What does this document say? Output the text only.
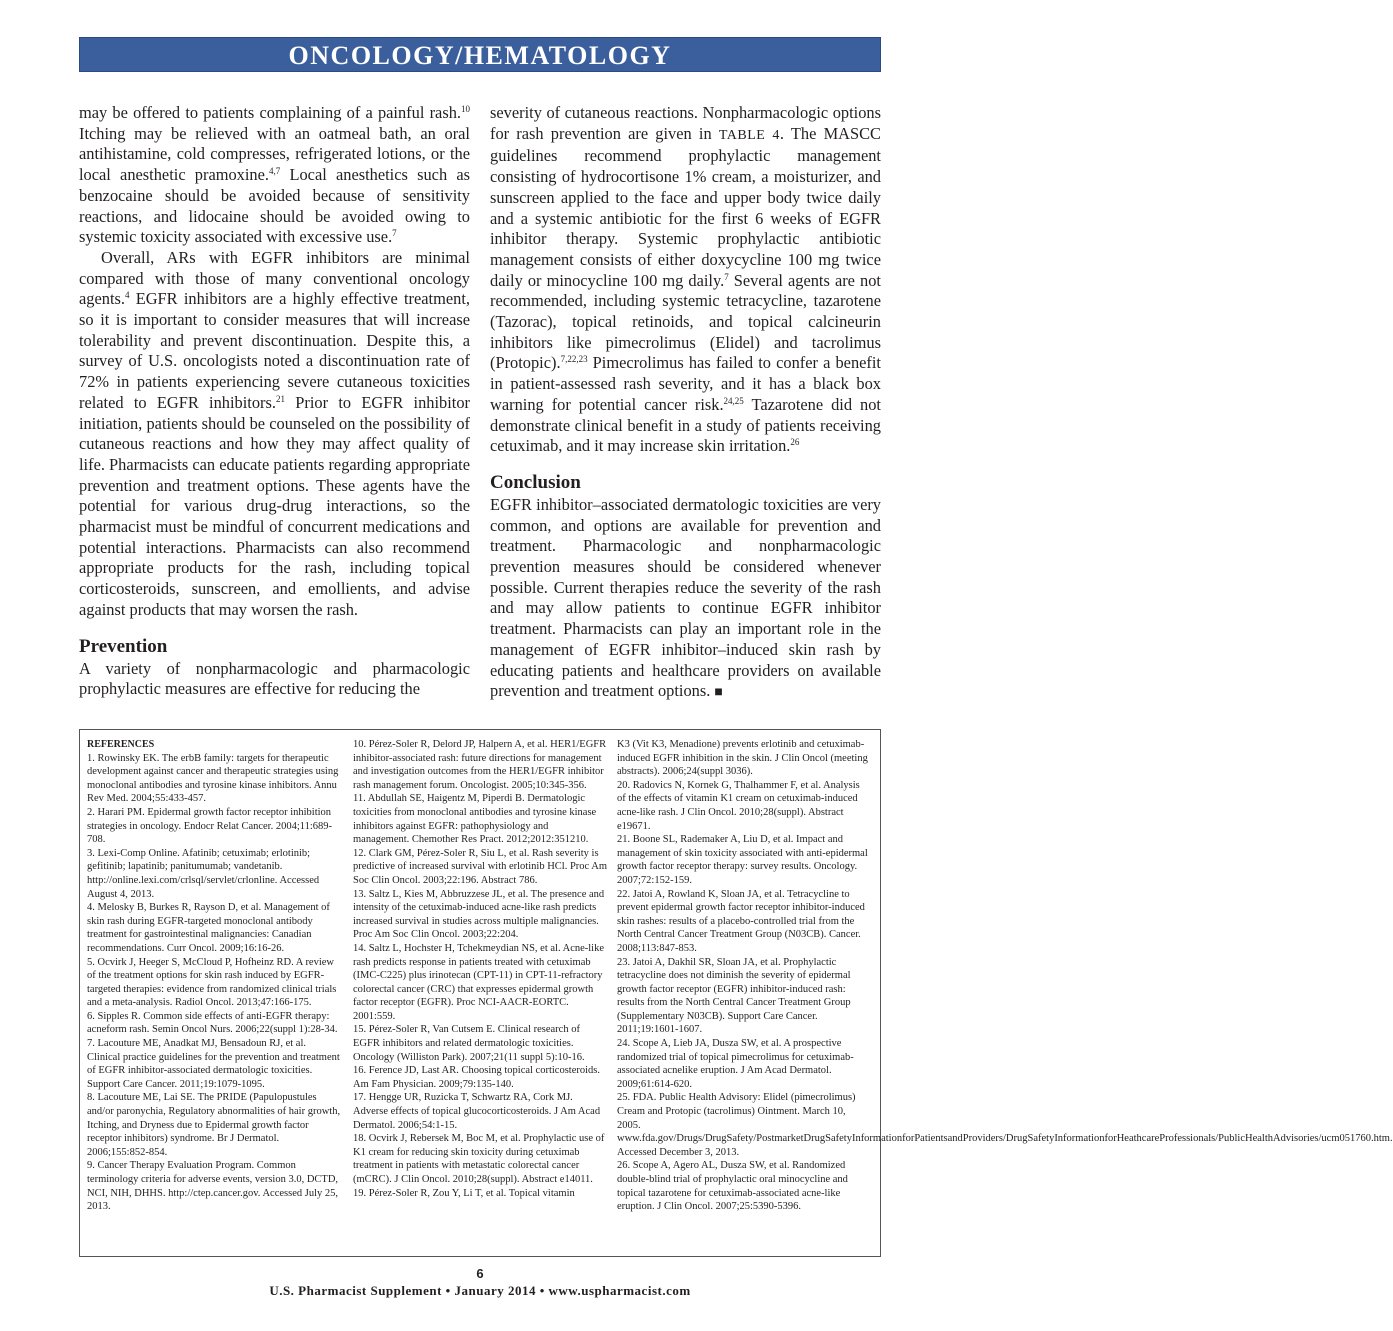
ONCOLOGY/HEMATOLOGY

may be offered to patients complaining of a painful rash.$^{10}$ Itching may be relieved with an oatmeal bath, an oral antihistamine, cold compresses, refrigerated lotions, or the local anesthetic pramoxine.$^{4,7}$ Local anesthetics such as benzocaine should be avoided because of sensitivity reactions, and lidocaine should be avoided owing to systemic toxicity associated with excessive use.$^7$

Overall, ARs with EGFR inhibitors are minimal compared with those of many conventional oncology agents.$^4$ EGFR inhibitors are a highly effective treatment, so it is important to consider measures that will increase tolerability and prevent discontinuation. Despite this, a survey of U.S. oncologists noted a discontinuation rate of 72% in patients experiencing severe cutaneous toxicities related to EGFR inhibitors.$^{21}$ Prior to EGFR inhibitor initiation, patients should be counseled on the possibility of cutaneous reactions and how they may affect quality of life. Pharmacists can educate patients regarding appropriate prevention and treatment options. These agents have the potential for various drug-drug interactions, so the pharmacist must be mindful of concurrent medications and potential interactions. Pharmacists can also recommend appropriate products for the rash, including topical corticosteroids, sunscreen, and emollients, and advise against products that may worsen the rash.

Prevention

A variety of nonpharmacologic and pharmacologic prophylactic measures are effective for reducing the

severity of cutaneous reactions. Nonpharmacologic options for rash prevention are given in TABLE 4. The MASCC guidelines recommend prophylactic management consisting of hydrocortisone 1% cream, a moisturizer, and sunscreen applied to the face and upper body twice daily and a systemic antibiotic for the first 6 weeks of EGFR inhibitor therapy. Systemic prophylactic antibiotic management consists of either doxycycline 100 mg twice daily or minocycline 100 mg daily.$^7$ Several agents are not recommended, including systemic tetracycline, tazarotene (Tazorac), topical retinoids, and topical calcineurin inhibitors like pimecrolimus (Elidel) and tacrolimus (Protopic).$^{7,22,23}$ Pimecrolimus has failed to confer a benefit in patient-assessed rash severity, and it has a black box warning for potential cancer risk.$^{24,25}$ Tazarotene did not demonstrate clinical benefit in a study of patients receiving cetuximab, and it may increase skin irritation.$^{26}$

Conclusion

EGFR inhibitor–associated dermatologic toxicities are very common, and options are available for prevention and treatment. Pharmacologic and nonpharmacologic prevention measures should be considered whenever possible. Current therapies reduce the severity of the rash and may allow patients to continue EGFR inhibitor treatment. Pharmacists can play an important role in the management of EGFR inhibitor–induced skin rash by educating patients and healthcare providers on available prevention and treatment options. ■

REFERENCES
1. Rowinsky EK. The erbB family: targets for therapeutic development against cancer and therapeutic strategies using monoclonal antibodies and tyrosine kinase inhibitors. Annu Rev Med. 2004;55:433-457.
2. Harari PM. Epidermal growth factor receptor inhibition strategies in oncology. Endocr Relat Cancer. 2004;11:689-708.
3. Lexi-Comp Online. Afatinib; cetuximab; erlotinib; gefitinib; lapatinib; panitumumab; vandetanib. http://online.lexi.com/crlsql/servlet/crlonline. Accessed August 4, 2013.
4. Melosky B, Burkes R, Rayson D, et al. Management of skin rash during EGFR-targeted monoclonal antibody treatment for gastrointestinal malignancies: Canadian recommendations. Curr Oncol. 2009;16:16-26.
5. Ocvirk J, Heeger S, McCloud P, Hofheinz RD. A review of the treatment options for skin rash induced by EGFR-targeted therapies: evidence from randomized clinical trials and a meta-analysis. Radiol Oncol. 2013;47:166-175.
6. Sipples R. Common side effects of anti-EGFR therapy: acneform rash. Semin Oncol Nurs. 2006;22(suppl 1):28-34.
7. Lacouture ME, Anadkat MJ, Bensadoun RJ, et al. Clinical practice guidelines for the prevention and treatment of EGFR inhibitor-associated dermatologic toxicities. Support Care Cancer. 2011;19:1079-1095.
8. Lacouture ME, Lai SE. The PRIDE (Papulopustules and/or paronychia, Regulatory abnormalities of hair growth, Itching, and Dryness due to Epidermal growth factor receptor inhibitors) syndrome. Br J Dermatol. 2006;155:852-854.
9. Cancer Therapy Evaluation Program. Common terminology criteria for adverse events, version 3.0, DCTD, NCI, NIH, DHHS. http://ctep.cancer.gov. Accessed July 25, 2013.
10. Pérez-Soler R, Delord JP, Halpern A, et al. HER1/EGFR inhibitor-associated rash: future directions for management and investigation outcomes from the HER1/EGFR inhibitor rash management forum. Oncologist. 2005;10:345-356.
11. Abdullah SE, Haigentz M, Piperdi B. Dermatologic toxicities from monoclonal antibodies and tyrosine kinase inhibitors against EGFR: pathophysiology and management. Chemother Res Pract. 2012;2012:351210.
12. Clark GM, Pérez-Soler R, Siu L, et al. Rash severity is predictive of increased survival with erlotinib HCl. Proc Am Soc Clin Oncol. 2003;22:196. Abstract 786.
13. Saltz L, Kies M, Abbruzzese JL, et al. The presence and intensity of the cetuximab-induced acne-like rash predicts increased survival in studies across multiple malignancies. Proc Am Soc Clin Oncol. 2003;22:204.
14. Saltz L, Hochster H, Tchekmeydian NS, et al. Acne-like rash predicts response in patients treated with cetuximab (IMC-C225) plus irinotecan (CPT-11) in CPT-11-refractory colorectal cancer (CRC) that expresses epidermal growth factor receptor (EGFR). Proc NCI-AACR-EORTC. 2001:559.
15. Pérez-Soler R, Van Cutsem E. Clinical research of EGFR inhibitors and related dermatologic toxicities. Oncology (Williston Park). 2007;21(11 suppl 5):10-16.
16. Ference JD, Last AR. Choosing topical corticosteroids. Am Fam Physician. 2009;79:135-140.
17. Hengge UR, Ruzicka T, Schwartz RA, Cork MJ. Adverse effects of topical glucocorticosteroids. J Am Acad Dermatol. 2006;54:1-15.
18. Ocvirk J, Rebersek M, Boc M, et al. Prophylactic use of K1 cream for reducing skin toxicity during cetuximab treatment in patients with metastatic colorectal cancer (mCRC). J Clin Oncol. 2010;28(suppl). Abstract e14011.
19. Pérez-Soler R, Zou Y, Li T, et al. Topical vitamin
K3 (Vit K3, Menadione) prevents erlotinib and cetuximab-induced EGFR inhibition in the skin. J Clin Oncol (meeting abstracts). 2006;24(suppl 3036).
20. Radovics N, Kornek G, Thalhammer F, et al. Analysis of the effects of vitamin K1 cream on cetuximab-induced acne-like rash. J Clin Oncol. 2010;28(suppl). Abstract e19671.
21. Boone SL, Rademaker A, Liu D, et al. Impact and management of skin toxicity associated with anti-epidermal growth factor receptor therapy: survey results. Oncology. 2007;72:152-159.
22. Jatoi A, Rowland K, Sloan JA, et al. Tetracycline to prevent epidermal growth factor receptor inhibitor-induced skin rashes: results of a placebo-controlled trial from the North Central Cancer Treatment Group (N03CB). Cancer. 2008;113:847-853.
23. Jatoi A, Dakhil SR, Sloan JA, et al. Prophylactic tetracycline does not diminish the severity of epidermal growth factor receptor (EGFR) inhibitor-induced rash: results from the North Central Cancer Treatment Group (Supplementary N03CB). Support Care Cancer. 2011;19:1601-1607.
24. Scope A, Lieb JA, Dusza SW, et al. A prospective randomized trial of topical pimecrolimus for cetuximab-associated acnelike eruption. J Am Acad Dermatol. 2009;61:614-620.
25. FDA. Public Health Advisory: Elidel (pimecrolimus) Cream and Protopic (tacrolimus) Ointment. March 10, 2005. www.fda.gov/Drugs/DrugSafety/PostmarketDrugSafetyInformationforPatientsandProviders/DrugSafetyInformationforHeathcareProfessionals/PublicHealthAdvisories/ucm051760.htm. Accessed December 3, 2013.
26. Scope A, Agero AL, Dusza SW, et al. Randomized double-blind trial of prophylactic oral minocycline and topical tazarotene for cetuximab-associated acne-like eruption. J Clin Oncol. 2007;25:5390-5396.
6
U.S. Pharmacist Supplement • January 2014 • www.uspharmacist.com
